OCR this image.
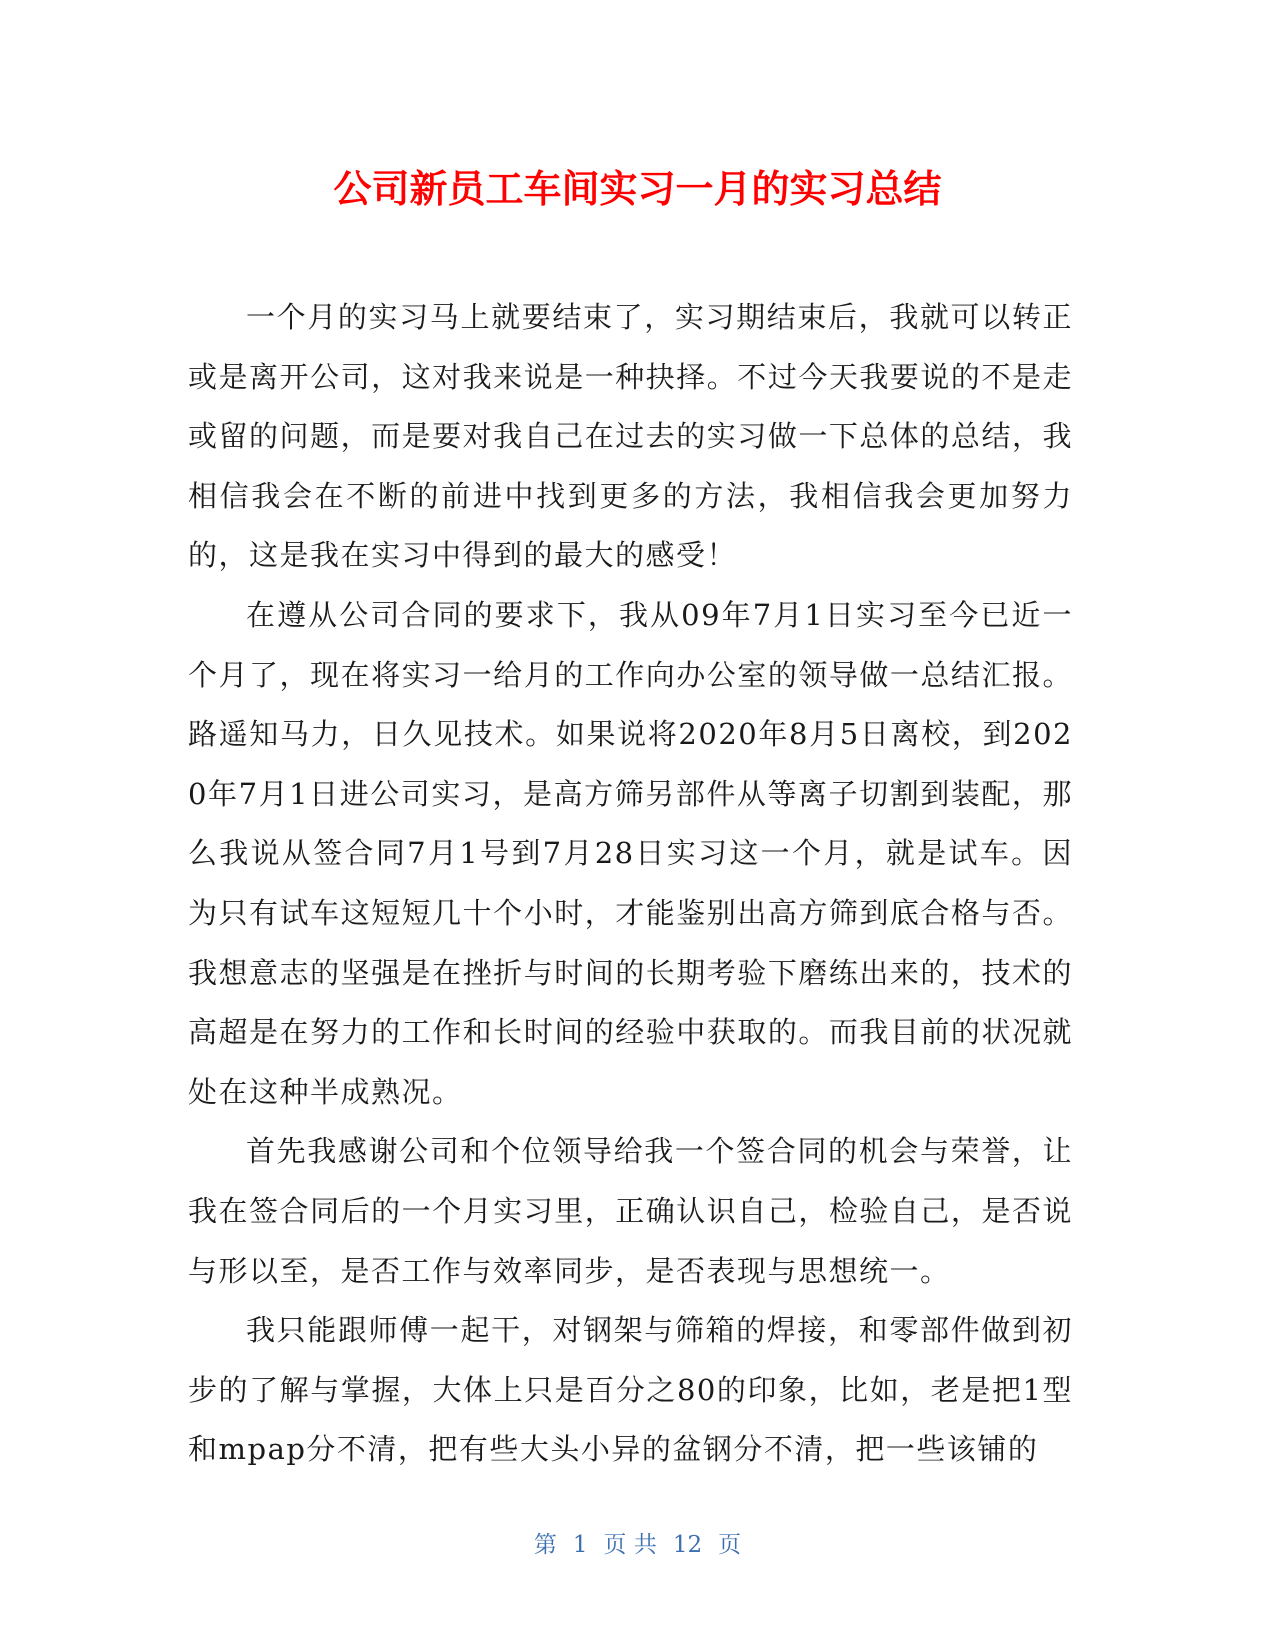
公司新员工车间实习一月的实习总结

一个月的实习马上就要结束了，实习期结束后，我就可以转正或是离开公司，这对我来说是一种抉择。不过今天我要说的不是走或留的问题，而是要对我自己在过去的实习做一下总体的总结，我相信我会在不断的前进中找到更多的方法，我相信我会更加努力的，这是我在实习中得到的最大的感受！

在遵从公司合同的要求下，我从09年7月1日实习至今已近一个月了，现在将实习一给月的工作向办公室的领导做一总结汇报。路遥知马力，日久见技术。如果说将2020年8月5日离校，到2020年7月1日进公司实习，是高方筛另部件从等离子切割到装配，那么我说从签合同7月1号到7月28日实习这一个月，就是试车。因为只有试车这短短几十个小时，才能鉴别出高方筛到底合格与否。我想意志的坚强是在挫折与时间的长期考验下磨练出来的，技术的高超是在努力的工作和长时间的经验中获取的。而我目前的状况就处在这种半成熟况。

首先我感谢公司和个位领导给我一个签合同的机会与荣誉，让我在签合同后的一个月实习里，正确认识自己，检验自己，是否说与形以至，是否工作与效率同步，是否表现与思想统一。

我只能跟师傅一起干，对钢架与筛箱的焊接，和零部件做到初步的了解与掌握，大体上只是百分之80的印象，比如，老是把1型和mpap分不清，把有些大头小异的盆钢分不清，把一些该铺的

第 1 页 共 12 页
